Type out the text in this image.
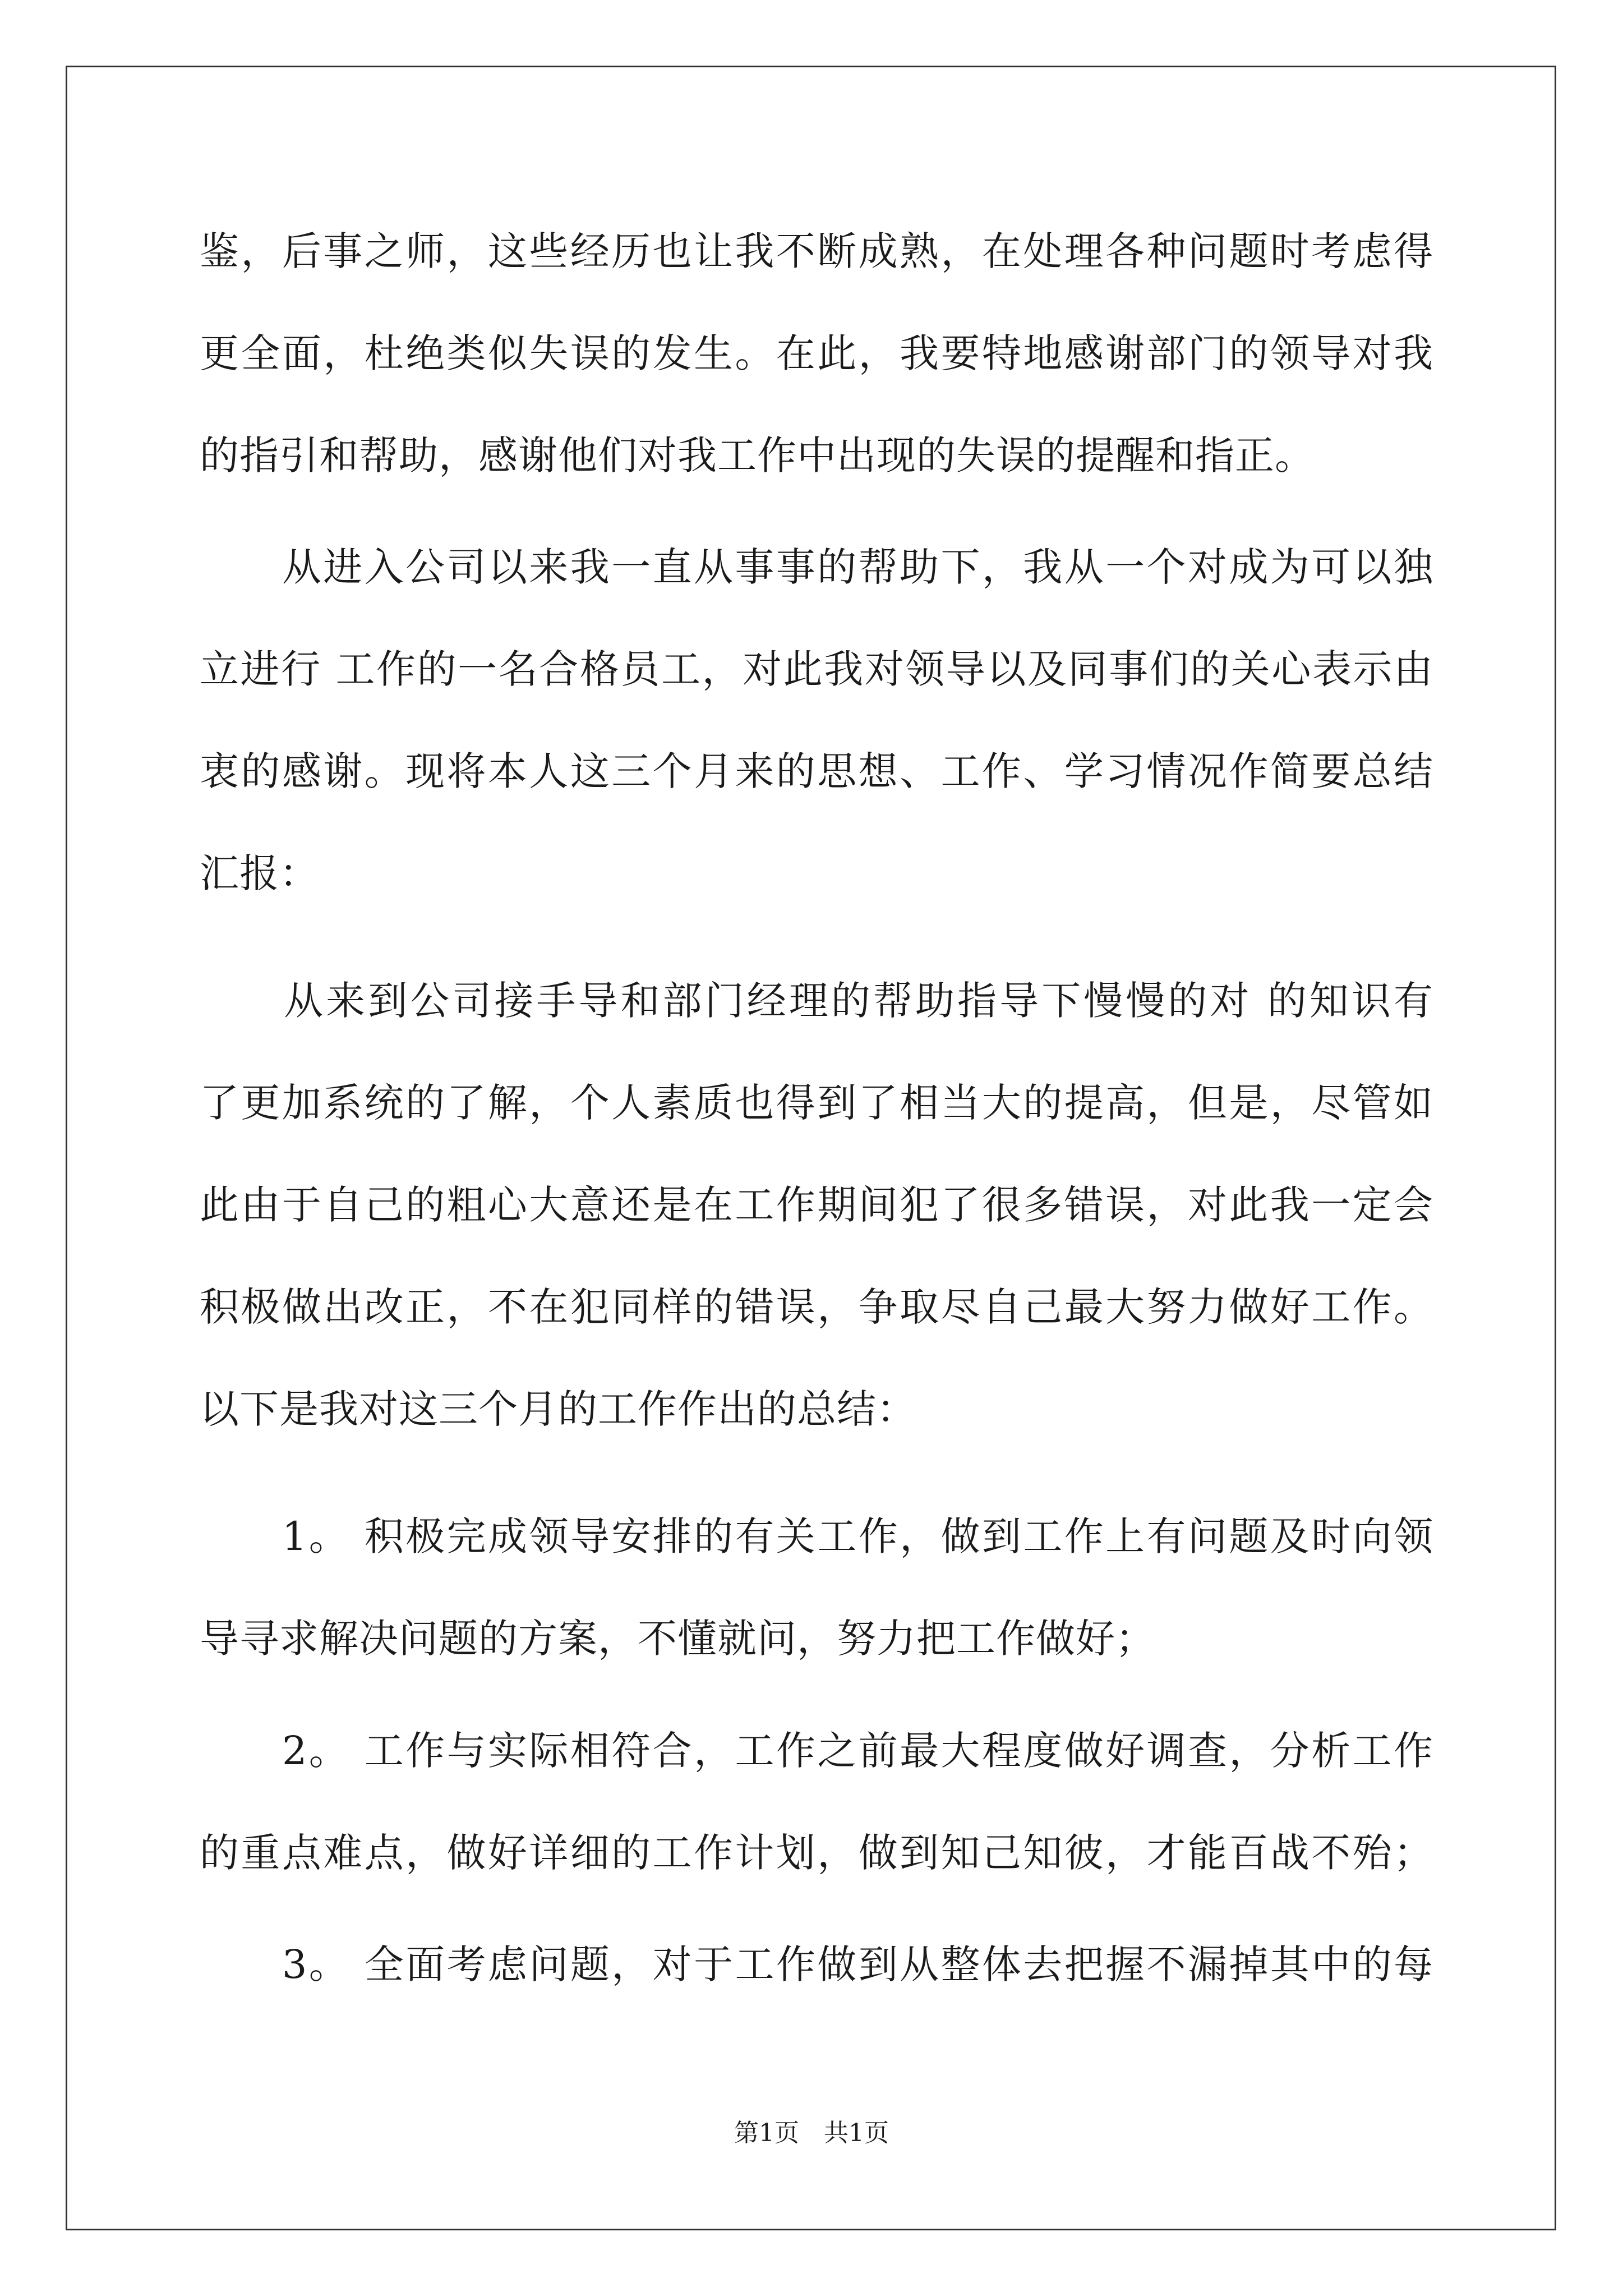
鉴，后事之师，这些经历也让我不断成熟，在处理各种问题时考虑得
更全面，杜绝类似失误的发生。在此，我要特地感谢部门的领导对我
的指引和帮助，感谢他们对我工作中出现的失误的提醒和指正。
　　从进入公司以来我一直从事事的帮助下，我从一个对成为可以独
立进行 工作的一名合格员工，对此我对领导以及同事们的关心表示由
衷的感谢。现将本人这三个月来的思想、工作、学习情况作简要总结
汇报：
　　从来到公司接手导和部门经理的帮助指导下慢慢的对 的知识有
了更加系统的了解，个人素质也得到了相当大的提高，但是，尽管如
此由于自己的粗心大意还是在工作期间犯了很多错误，对此我一定会
积极做出改正，不在犯同样的错误，争取尽自己最大努力做好工作。
以下是我对这三个月的工作作出的总结：
　　1。 积极完成领导安排的有关工作，做到工作上有问题及时向领
导寻求解决问题的方案，不懂就问，努力把工作做好；
　　2。 工作与实际相符合，工作之前最大程度做好调查，分析工作
的重点难点，做好详细的工作计划，做到知己知彼，才能百战不殆；
　　3。 全面考虑问题，对于工作做到从整体去把握不漏掉其中的每
第1页　共1页
